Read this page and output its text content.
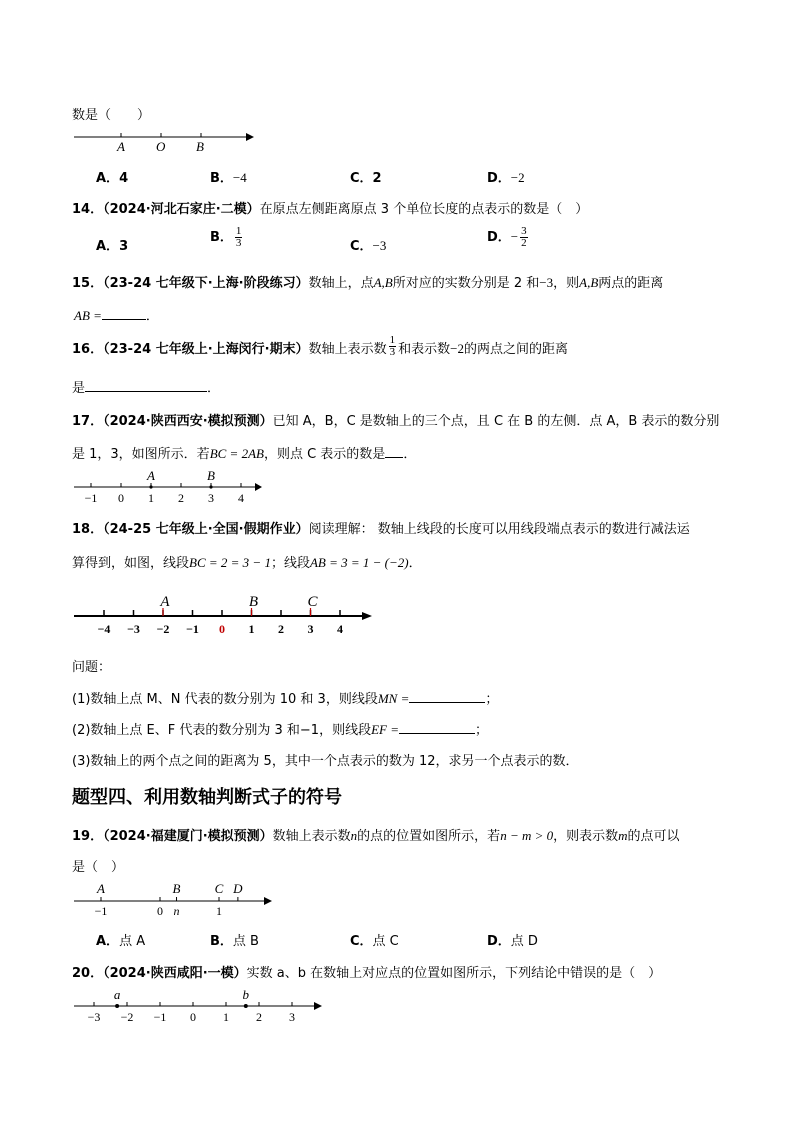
数是（　　）
A O B
A．4	B．−4	C．2	D．−2
14．（2024·河北石家庄·二模）在原点左侧距离原点 3 个单位长度的点表示的数是（　）
A．3
B． $\frac{1}{3}$	C．−3
D．− $\frac{3}{2}$
15．（23-24 七年级下·上海·阶段练习）数轴上，点A,B所对应的实数分别是 2 和−3，则A,B两点的距离
AB =	．
16．（23-24 七年级上·上海闵行·期末）数轴上表示数 $\frac{1}{3}$ 和表示数−2的两点之间的距离
是	．
17．（2024·陕西西安·模拟预测）已知 A，B，C 是数轴上的三个点，且 C 在 B 的左侧．点 A，B 表示的数分别
是 1，3，如图所示．若BC = 2AB，则点 C 表示的数是 ．
−1 0 1 2 3 4
A	B
18．（24-25 七年级上·全国·假期作业）阅读理解： 数轴上线段的长度可以用线段端点表示的数进行减法运
算得到，如图，线段BC = 2 = 3 − 1；线段AB = 3 = 1 − (−2)．
−4 −3 −2 −1 0 1 2 3 4
A	B	C
问题：
(1)数轴上点 M、N 代表的数分别为 10 和 3，则线段MN =	；
(2)数轴上点 E、F 代表的数分别为 3 和−1，则线段EF =	；
(3)数轴上的两个点之间的距离为 5，其中一个点表示的数为 12，求另一个点表示的数．
题型四、利用数轴判断式子的符号
19．（2024·福建厦门·模拟预测）数轴上表示数n的点的位置如图所示，若n − m > 0，则表示数m的点可以
是（　）
−1	0 n	1
A	B	C D
A．点 A	B．点 B	C．点 C	D．点 D
20．（2024·陕西咸阳·一模）实数 a、b 在数轴上对应点的位置如图所示，下列结论中错误的是（　）
−3 −2 −1 0 1 2 3
a	b
